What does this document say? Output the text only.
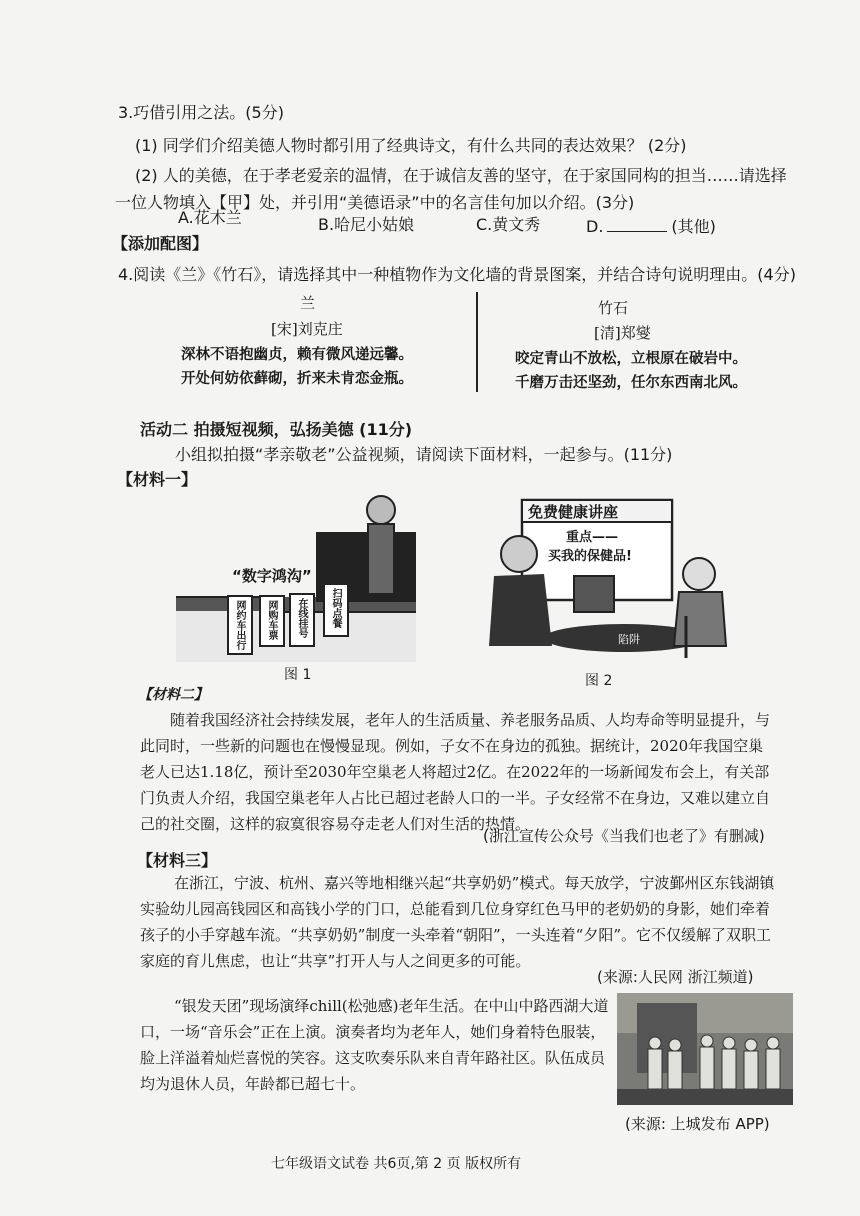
3.巧借引用之法。(5分)
(1) 同学们介绍美德人物时都引用了经典诗文，有什么共同的表达效果？ (2分)
(2) 人的美德，在于孝老爱亲的温情，在于诚信友善的坚守，在于家国同构的担当……请选择
一位人物填入【甲】处，并引用“美德语录”中的名言佳句加以介绍。(3分)
A.花木兰	B.哈尼小姑娘	C.黄文秀	D.	(其他)
【添加配图】
4.阅读《兰》《竹石》，请选择其中一种植物作为文化墙的背景图案，并结合诗句说明理由。(4分)
兰
[宋]刘克庄
深林不语抱幽贞，赖有微风递远馨。
开处何妨依藓砌，折来未肯恋金瓶。
竹石
[清]郑燮
咬定青山不放松，立根原在破岩中。
千磨万击还坚劲，任尔东西南北风。
活动二 拍摄短视频，弘扬美德 (11分)
小组拟拍摄“孝亲敬老”公益视频，请阅读下面材料，一起参与。(11分)
【材料一】
“数字鸿沟”
网约车出行 网购车票 在线挂号 扫码点餐
图 1
免费健康讲座
重点——
买我的保健品!
陷阱
图 2
【材料二】

随着我国经济社会持续发展，老年人的生活质量、养老服务品质、人均寿命等明显提升，与此同时，一些新的问题也在慢慢显现。例如，子女不在身边的孤独。据统计，2020年我国空巢老人已达1.18亿，预计至2030年空巢老人将超过2亿。在2022年的一场新闻发布会上，有关部门负责人介绍，我国空巢老年人占比已超过老龄人口的一半。子女经常不在身边，又难以建立自己的社交圈，这样的寂寞很容易夺走老人们对生活的热情。

(浙江宣传公众号《当我们也老了》有删减)
【材料三】

在浙江，宁波、杭州、嘉兴等地相继兴起“共享奶奶”模式。每天放学，宁波鄞州区东钱湖镇实验幼儿园高钱园区和高钱小学的门口，总能看到几位身穿红色马甲的老奶奶的身影，她们牵着孩子的小手穿越车流。“共享奶奶”制度一头牵着“朝阳”，一头连着“夕阳”。它不仅缓解了双职工家庭的育儿焦虑，也让“共享”打开人与人之间更多的可能。

(来源:人民网 浙江频道)

“银发天团”现场演绎chill(松弛感)老年生活。在中山中路西湖大道口，一场“音乐会”正在上演。演奏者均为老年人，她们身着特色服装，脸上洋溢着灿烂喜悦的笑容。这支吹奏乐队来自青年路社区。队伍成员均为退休人员，年龄都已超七十。

(来源: 上城发布 APP)
七年级语文试卷 共6页,第 2 页 版权所有
